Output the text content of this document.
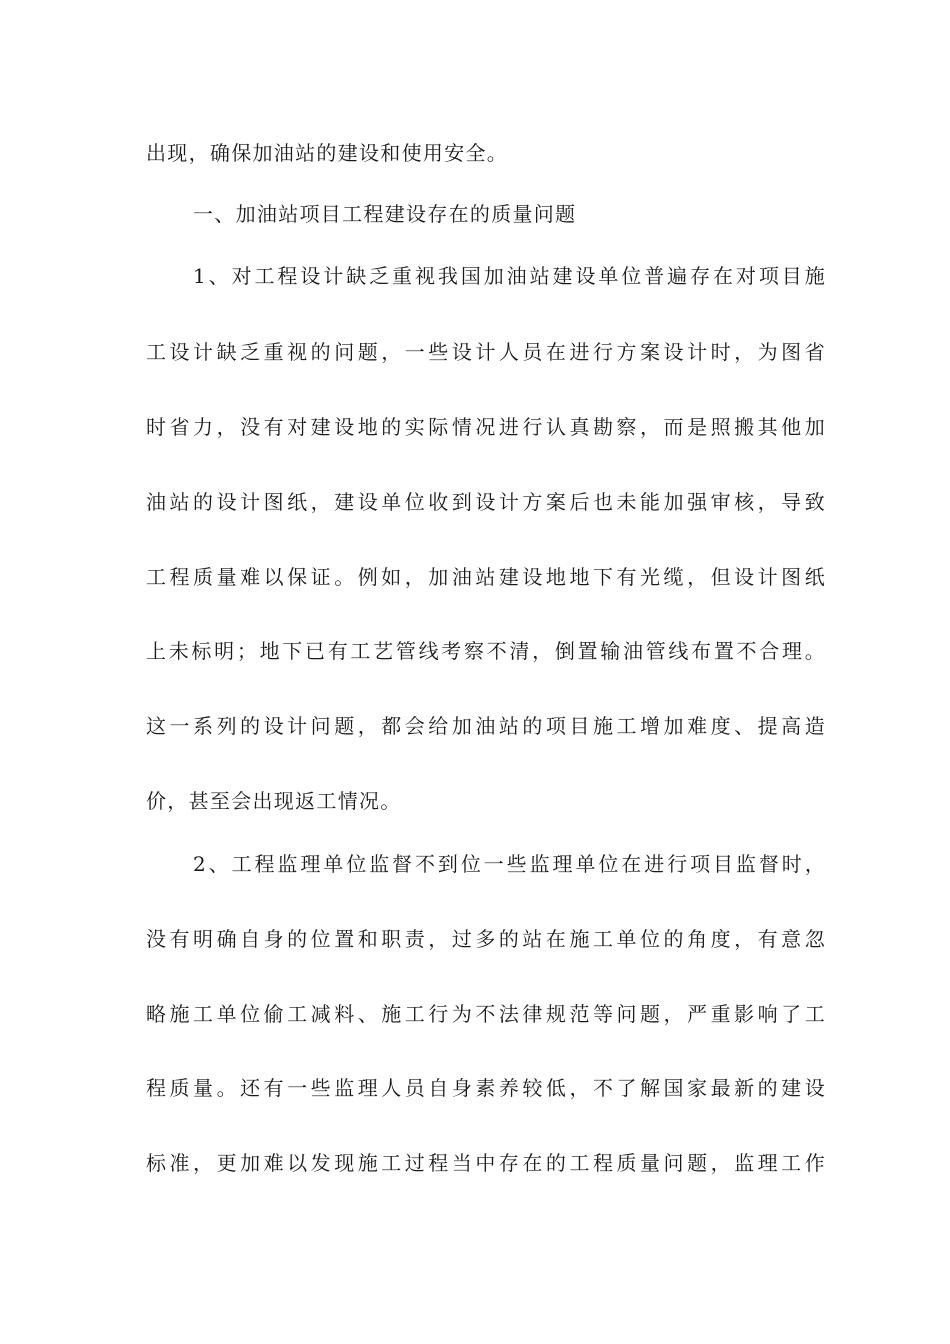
出现，确保加油站的建设和使用安全。
一、加油站项目工程建设存在的质量问题
1、对工程设计缺乏重视我国加油站建设单位普遍存在对项目施
工设计缺乏重视的问题，一些设计人员在进行方案设计时，为图省
时省力，没有对建设地的实际情况进行认真勘察，而是照搬其他加
油站的设计图纸，建设单位收到设计方案后也未能加强审核，导致
工程质量难以保证。例如，加油站建设地地下有光缆，但设计图纸
上未标明；地下已有工艺管线考察不清，倒置输油管线布置不合理。
这一系列的设计问题，都会给加油站的项目施工增加难度、提高造
价，甚至会出现返工情况。
2、工程监理单位监督不到位一些监理单位在进行项目监督时，
没有明确自身的位置和职责，过多的站在施工单位的角度，有意忽
略施工单位偷工减料、施工行为不法律规范等问题，严重影响了工
程质量。还有一些监理人员自身素养较低，不了解国家最新的建设
标准，更加难以发现施工过程当中存在的工程质量问题，监理工作
